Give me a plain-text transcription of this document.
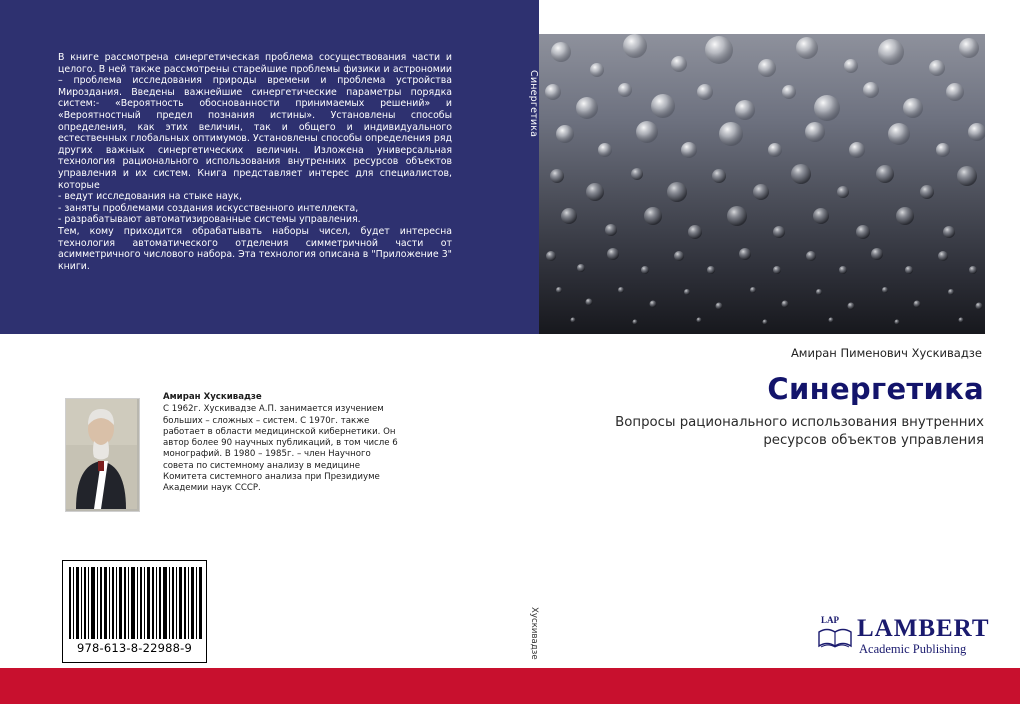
В книге рассмотрена синергетическая проблема сосуществования части и целого. В ней также рассмотрены старейшие проблемы физики и астрономии – проблема исследования природы времени и проблема устройства Мироздания. Введены важнейшие синергетические параметры порядка систем:- «Вероятность обоснованности принимаемых решений» и «Вероятностный предел познания истины». Установлены способы определения, как этих величин, так и общего и индивидуального естественных глобальных оптимумов. Установлены способы определения ряд других важных синергетических величин. Изложена универсальная технология рационального использования внутренних ресурсов объектов управления и их систем. Книга представляет интерес для специалистов, которые

- ведут исследования на стыке наук,

- заняты проблемами создания искусственного интеллекта,

- разрабатывают автоматизированные системы управления.

Тем, кому приходится обрабатывать наборы чисел, будет интересна технология автоматического отделения симметричной части от асимметричного числового набора. Эта технология описана в "Приложение 3" книги.

Синергетика
Хускивадзе
Амиран Пименович Хускивадзе
Синергетика
Вопросы рационального использования внутренних ресурсов объектов управления
Амиран Хускивадзе
С 1962г. Хускивадзе А.П. занимается изучением больших – сложных – систем. С 1970г. также работает в области медицинской кибернетики. Он автор более 90 научных публикаций, в том числе 6 монографий. В 1980 – 1985г. – член Научного совета по системному анализу в медицине Комитета системного анализа при Президиуме Академии наук СССР.
978-613-8-22988-9
LAP LAMBERT
Academic Publishing
